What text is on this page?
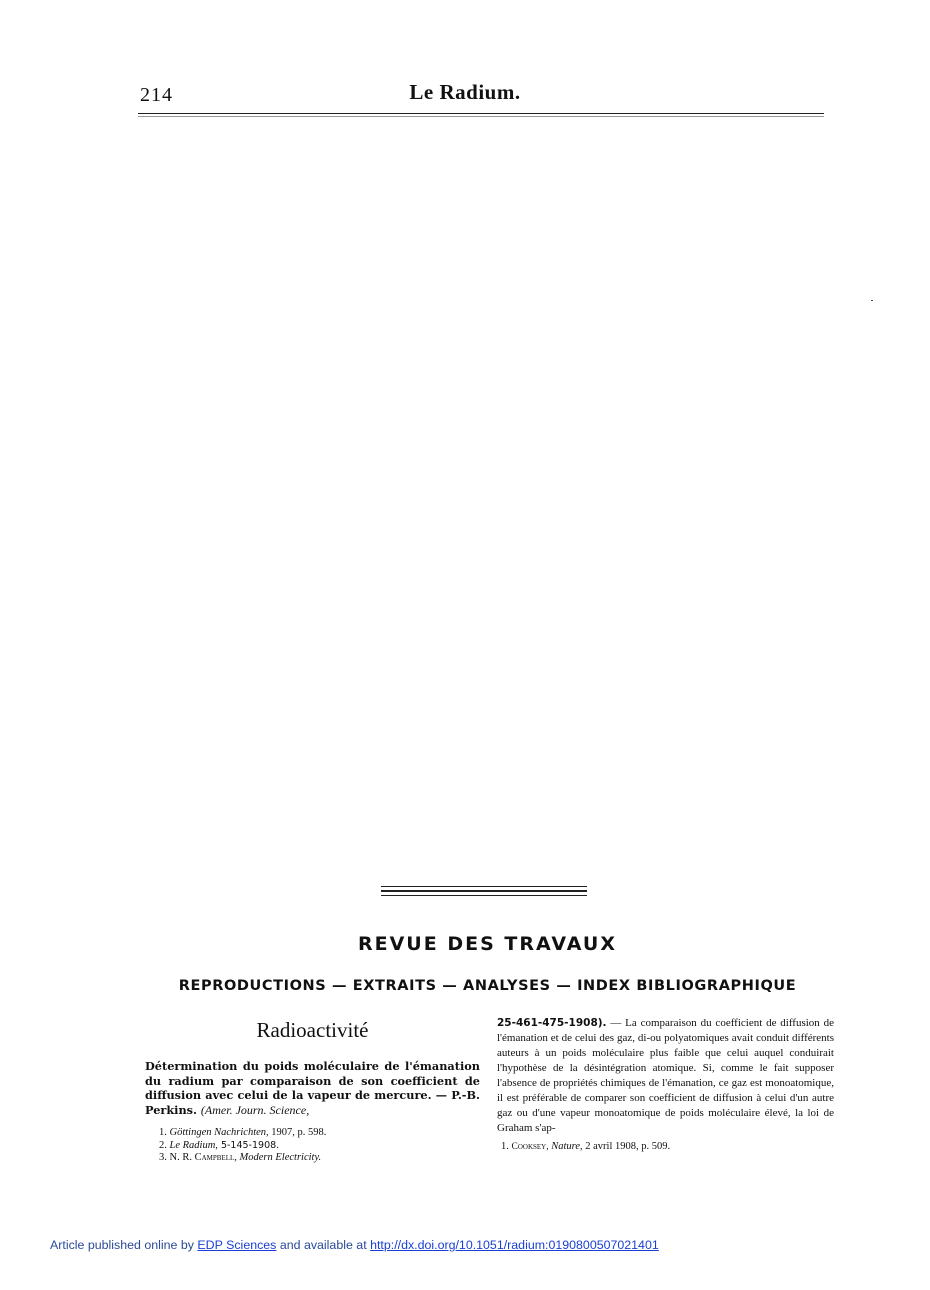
214	Le Radium.
REVUE DES TRAVAUX
REPRODUCTIONS — EXTRAITS — ANALYSES — INDEX BIBLIOGRAPHIQUE
Radioactivité

Détermination du poids moléculaire de l'émanation du radium par comparaison de son coefficient de diffusion avec celui de la vapeur de mercure. — P.-B. Perkins. (Amer. Journ. Science,

1. Göttingen Nachrichten, 1907, p. 598.
2. Le Radium, 5-145-1908.
3. N. R. Campbell, Modern Electricity.

25-461-475-1908). — La comparaison du coefficient de diffusion de l'émanation et de celui des gaz, di-ou polyatomiques avait conduit différents auteurs à un poids moléculaire plus faible que celui auquel conduirait l'hypothèse de la désintégration atomique. Si, comme le fait supposer l'absence de propriétés chimiques de l'émanation, ce gaz est monoatomique, il est préférable de comparer son coefficient de diffusion à celui d'un autre gaz ou d'une vapeur monoatomique de poids moléculaire élevé, la loi de Graham s'ap-

1. Cooksey, Nature, 2 avril 1908, p. 509.
Article published online by EDP Sciences and available at http://dx.doi.org/10.1051/radium:0190800507021401
